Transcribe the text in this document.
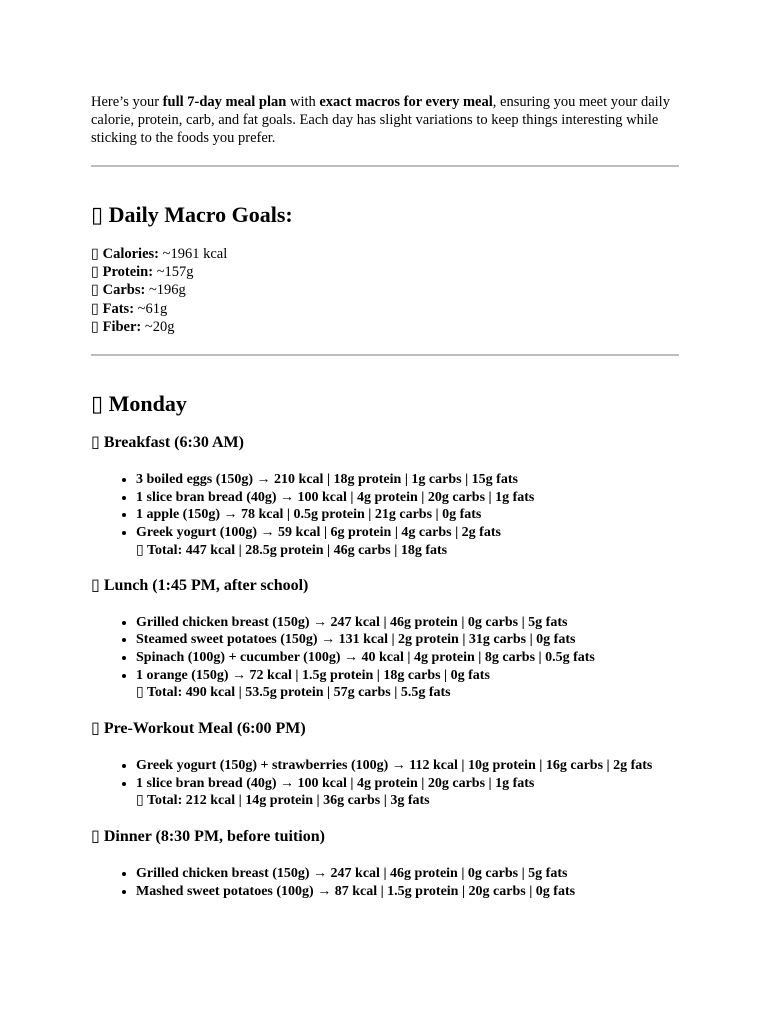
Here’s your full 7-day meal plan with exact macros for every meal, ensuring you meet your daily calorie, protein, carb, and fat goals. Each day has slight variations to keep things interesting while sticking to the foods you prefer.

▯ Daily Macro Goals:
▯ Calories: ~1961 kcal
▯ Protein: ~157g
▯ Carbs: ~196g
▯ Fats: ~61g
▯ Fiber: ~20g
▯ Monday
▯ Breakfast (6:30 AM)
• 3 boiled eggs (150g) → 210 kcal | 18g protein | 1g carbs | 15g fats
• 1 slice bran bread (40g) → 100 kcal | 4g protein | 20g carbs | 1g fats
• 1 apple (150g) → 78 kcal | 0.5g protein | 21g carbs | 0g fats
• Greek yogurt (100g) → 59 kcal | 6g protein | 4g carbs | 2g fats
▯ Total: 447 kcal | 28.5g protein | 46g carbs | 18g fats
▯ Lunch (1:45 PM, after school)
• Grilled chicken breast (150g) → 247 kcal | 46g protein | 0g carbs | 5g fats
• Steamed sweet potatoes (150g) → 131 kcal | 2g protein | 31g carbs | 0g fats
• Spinach (100g) + cucumber (100g) → 40 kcal | 4g protein | 8g carbs | 0.5g fats
• 1 orange (150g) → 72 kcal | 1.5g protein | 18g carbs | 0g fats
▯ Total: 490 kcal | 53.5g protein | 57g carbs | 5.5g fats
▯ Pre-Workout Meal (6:00 PM)
• Greek yogurt (150g) + strawberries (100g) → 112 kcal | 10g protein | 16g carbs | 2g fats
• 1 slice bran bread (40g) → 100 kcal | 4g protein | 20g carbs | 1g fats
▯ Total: 212 kcal | 14g protein | 36g carbs | 3g fats
▯ Dinner (8:30 PM, before tuition)
• Grilled chicken breast (150g) → 247 kcal | 46g protein | 0g carbs | 5g fats
• Mashed sweet potatoes (100g) → 87 kcal | 1.5g protein | 20g carbs | 0g fats
